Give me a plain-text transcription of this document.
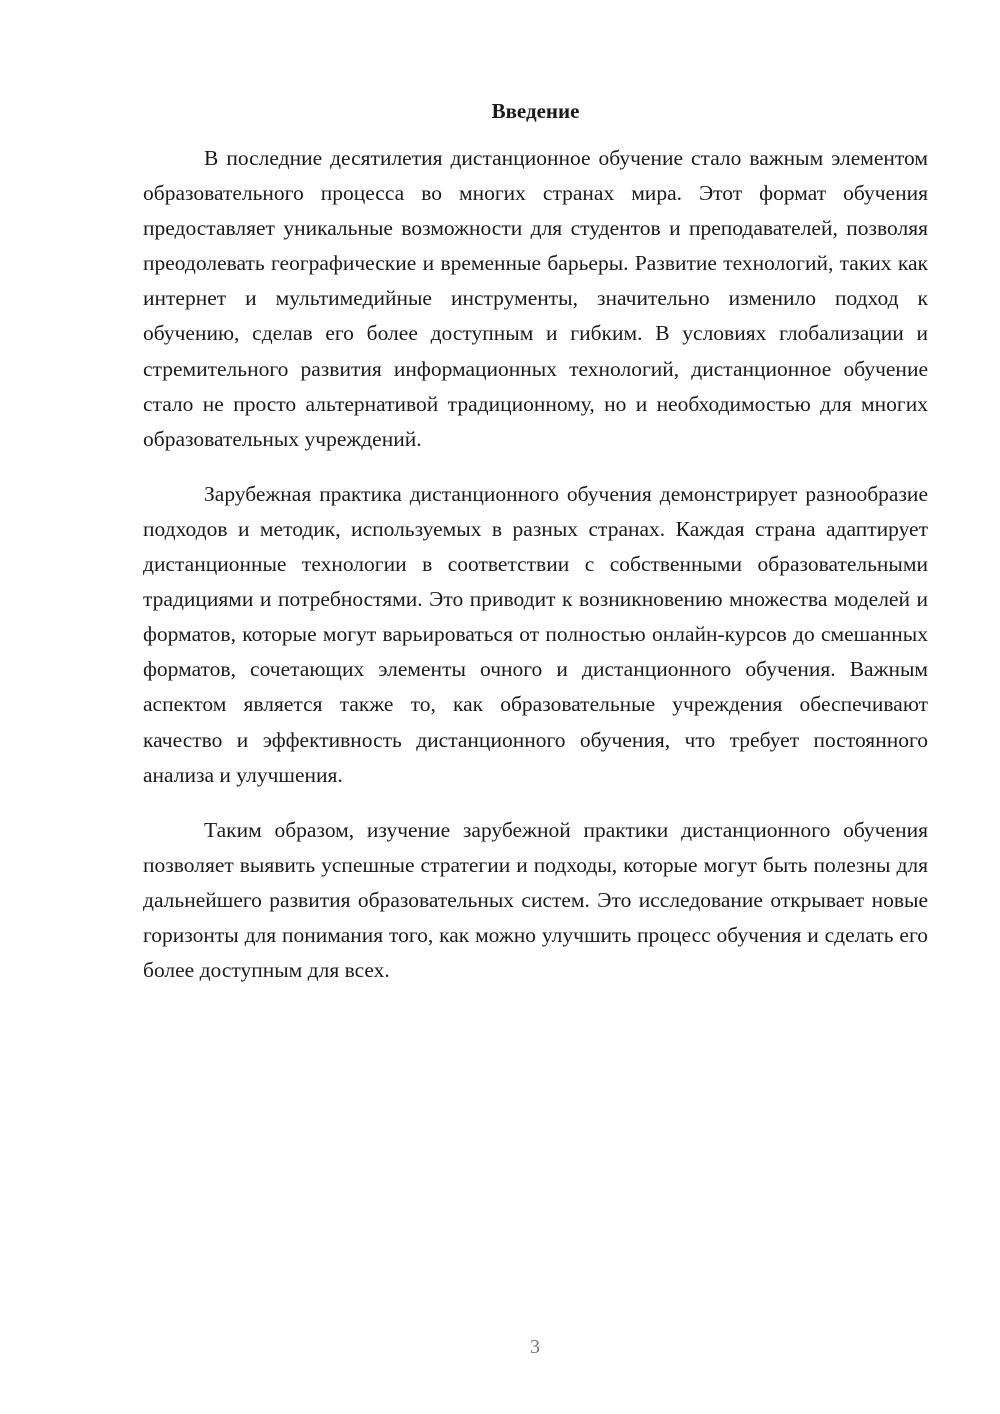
Введение

В последние десятилетия дистанционное обучение стало важным элементом образовательного процесса во многих странах мира. Этот формат обучения предоставляет уникальные возможности для студентов и преподавателей, позволяя преодолевать географические и временные барьеры. Развитие технологий, таких как интернет и мультимедийные инструменты, значительно изменило подход к обучению, сделав его более доступным и гибким. В условиях глобализации и стремительного развития информационных технологий, дистанционное обучение стало не просто альтернативой традиционному, но и необходимостью для многих образовательных учреждений.

Зарубежная практика дистанционного обучения демонстрирует разнообразие подходов и методик, используемых в разных странах. Каждая страна адаптирует дистанционные технологии в соответствии с собственными образовательными традициями и потребностями. Это приводит к возникновению множества моделей и форматов, которые могут варьироваться от полностью онлайн-курсов до смешанных форматов, сочетающих элементы очного и дистанционного обучения. Важным аспектом является также то, как образовательные учреждения обеспечивают качество и эффективность дистанционного обучения, что требует постоянного анализа и улучшения.

Таким образом, изучение зарубежной практики дистанционного обучения позволяет выявить успешные стратегии и подходы, которые могут быть полезны для дальнейшего развития образовательных систем. Это исследование открывает новые горизонты для понимания того, как можно улучшить процесс обучения и сделать его более доступным для всех.

3
